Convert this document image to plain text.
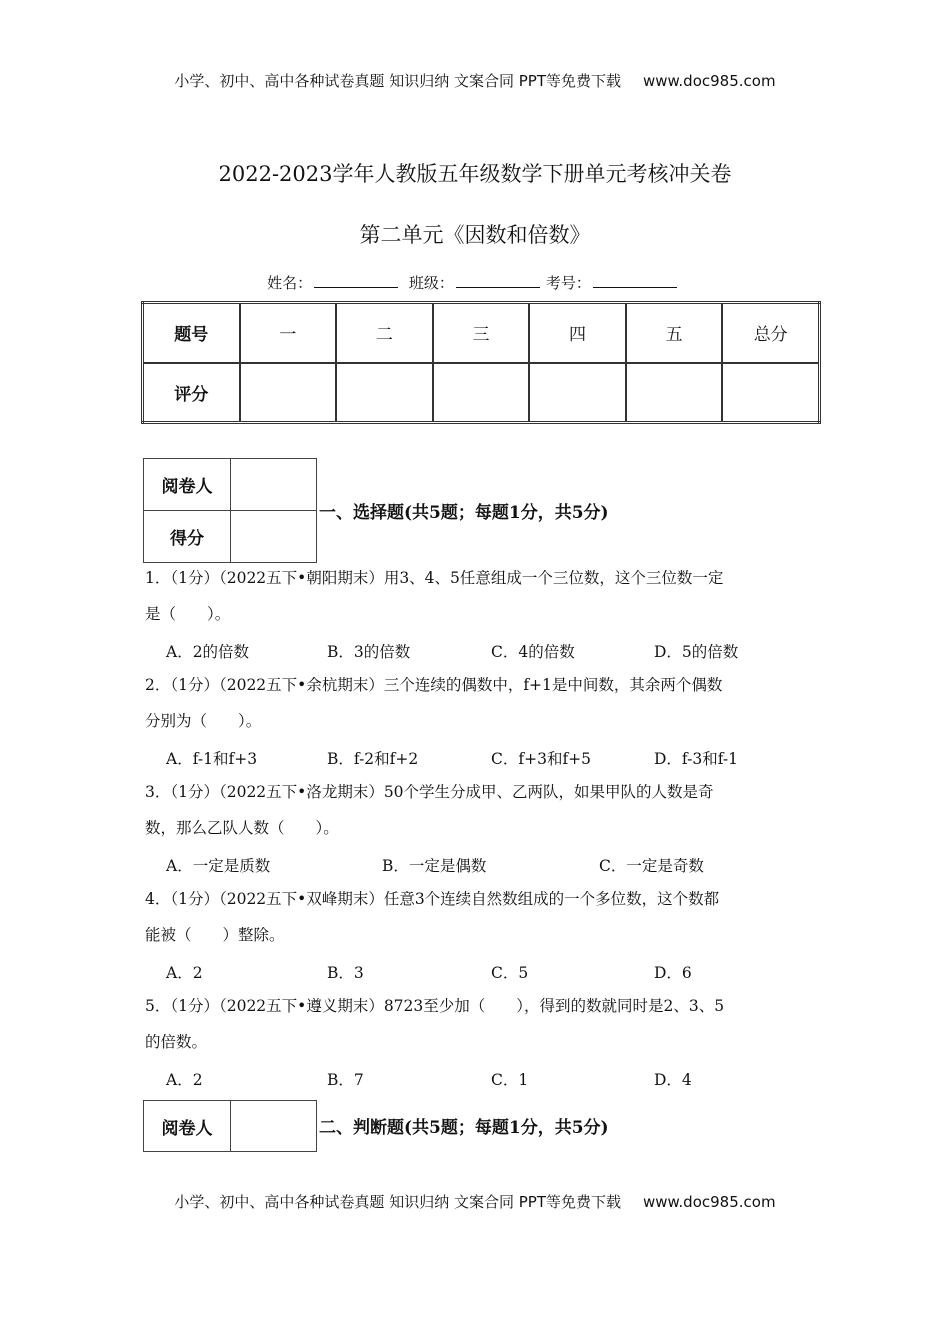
小学、初中、高中各种试卷真题 知识归纳 文案合同 PPT等免费下载 www.doc985.com
2022-2023学年人教版五年级数学下册单元考核冲关卷
第二单元《因数和倍数》
姓名：	班级：	考号：
题号	一	二	三	四	五	总分
评分						
阅卷人	
得分	
一、选择题(共5题；每题1分，共5分)
1．（1分）（2022五下•朝阳期末）用3、4、5任意组成一个三位数，这个三位数一定
是（　　）。
A．2的倍数	B．3的倍数	C．4的倍数	D．5的倍数
2．（1分）（2022五下•余杭期末）三个连续的偶数中，f+1是中间数，其余两个偶数
分别为（　　）。
A．f-1和f+3	B．f-2和f+2	C．f+3和f+5	D．f-3和f-1
3．（1分）（2022五下•洛龙期末）50个学生分成甲、乙两队，如果甲队的人数是奇
数，那么乙队人数（　　）。
A．一定是质数	B．一定是偶数	C．一定是奇数
4．（1分）（2022五下•双峰期末）任意3个连续自然数组成的一个多位数，这个数都
能被（　　）整除。
A．2	B．3	C．5	D．6
5．（1分）（2022五下•遵义期末）8723至少加（　　），得到的数就同时是2、3、5
的倍数。
A．2	B．7	C．1	D．4
阅卷人		二、判断题(共5题；每题1分，共5分)
小学、初中、高中各种试卷真题 知识归纳 文案合同 PPT等免费下载 www.doc985.com
